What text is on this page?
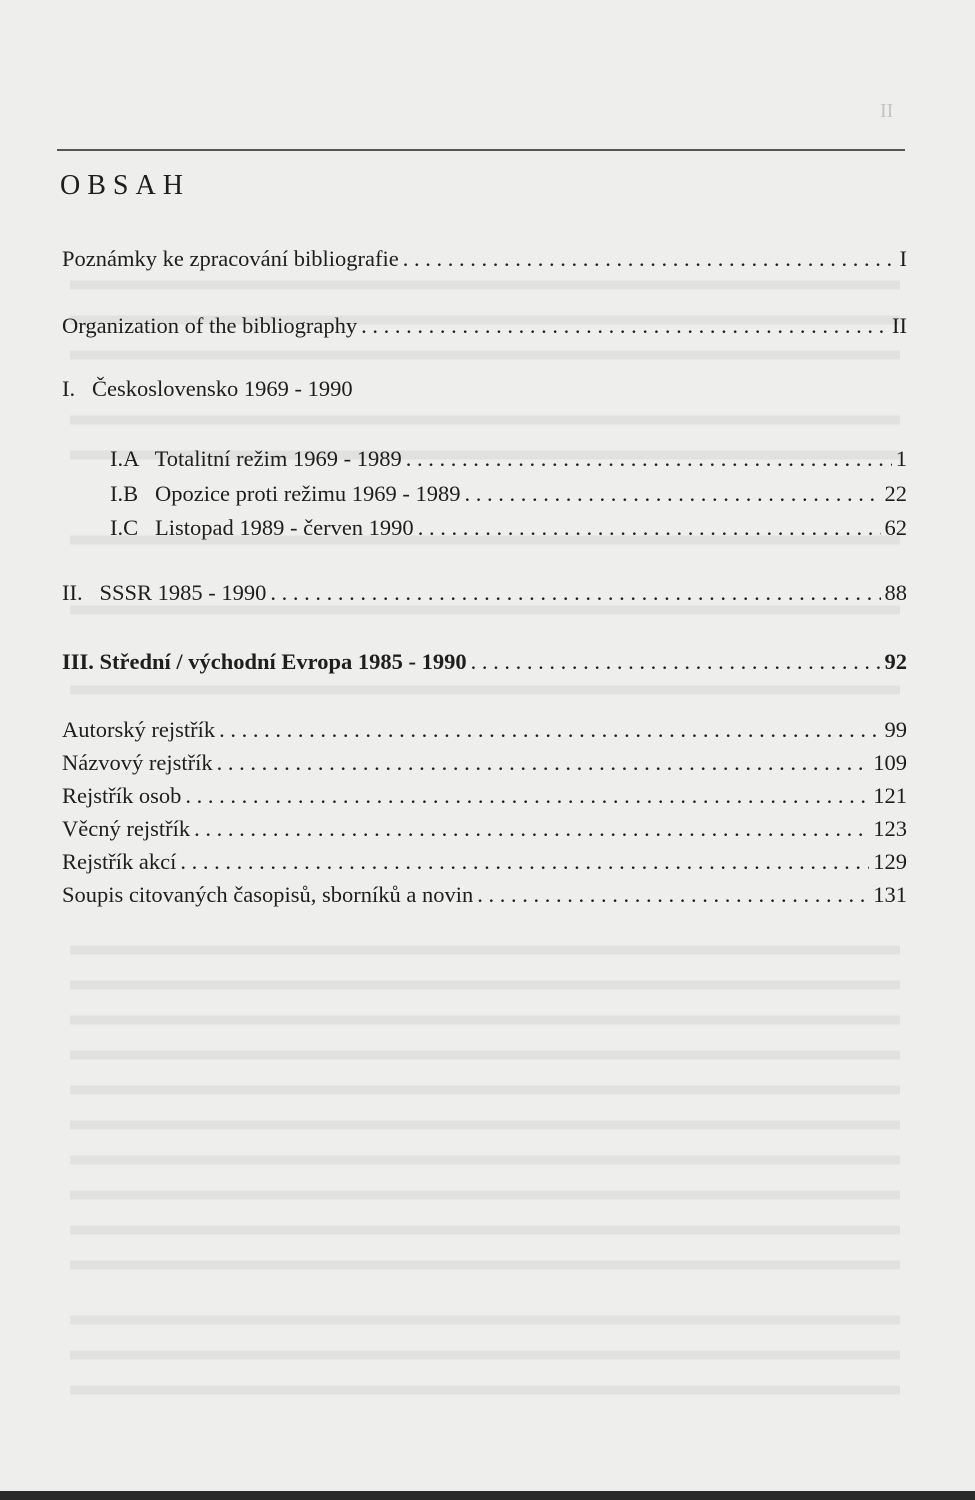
II
OBSAH
Poznámky ke zpracování bibliografie . . .	I
Organization of the bibliography . . .	II
I.   Československo 1969 - 1990
I.A   Totalitní režim 1969 - 1989 . . .	1
I.B   Opozice proti režimu 1969 - 1989 . . .	22
I.C   Listopad 1989 - červen 1990 . . .	62
II.   SSSR 1985 - 1990 . . .	88
III. Střední / východní Evropa 1985 - 1990 . . .	92
Autorský rejstřík . . .	99
Názvový rejstřík . . .	109
Rejstřík osob . . .	121
Věcný rejstřík . . .	123
Rejstřík akcí . . .	129
Soupis citovaných časopisů, sborníků a novin . . .	131
